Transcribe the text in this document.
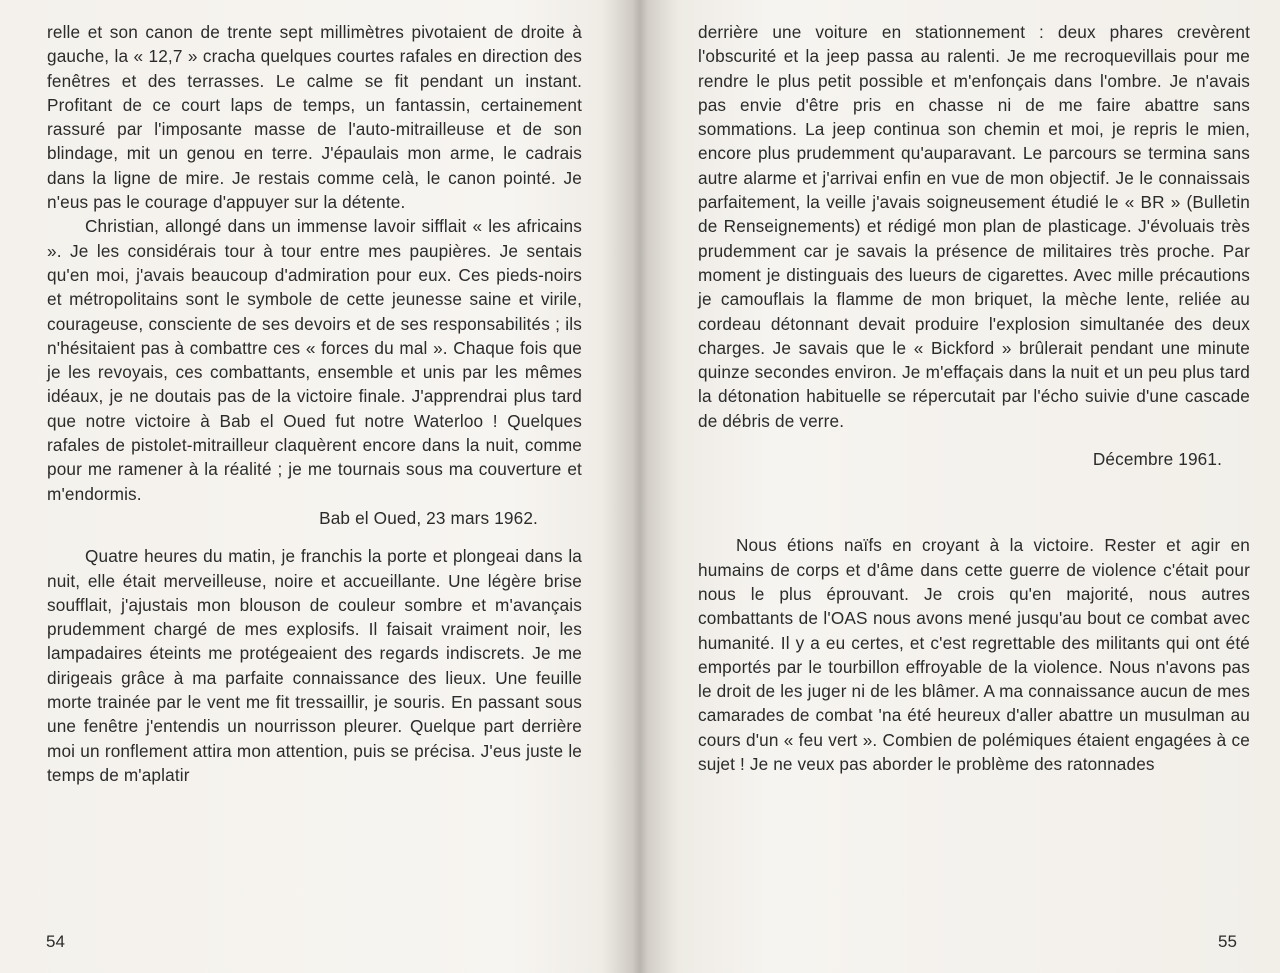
relle et son canon de trente sept millimètres pivotaient de droite à gauche, la « 12,7 » cracha quelques courtes rafales en direction des fenêtres et des terrasses. Le calme se fit pendant un instant. Profitant de ce court laps de temps, un fantassin, certainement rassuré par l'imposante masse de l'auto-mitrailleuse et de son blindage, mit un genou en terre. J'épaulais mon arme, le cadrais dans la ligne de mire. Je restais comme celà, le canon pointé. Je n'eus pas le courage d'appuyer sur la détente.

Christian, allongé dans un immense lavoir sifflait « les africains ». Je les considérais tour à tour entre mes paupières. Je sentais qu'en moi, j'avais beaucoup d'admiration pour eux. Ces pieds-noirs et métropolitains sont le symbole de cette jeunesse saine et virile, courageuse, consciente de ses devoirs et de ses responsabilités ; ils n'hésitaient pas à combattre ces « forces du mal ». Chaque fois que je les revoyais, ces combattants, ensemble et unis par les mêmes idéaux, je ne doutais pas de la victoire finale. J'apprendrai plus tard que notre victoire à Bab el Oued fut notre Waterloo ! Quelques rafales de pistolet-mitrailleur claquèrent encore dans la nuit, comme pour me ramener à la réalité ; je me tournais sous ma couverture et m'endormis.

Bab el Oued, 23 mars 1962.

Quatre heures du matin, je franchis la porte et plongeai dans la nuit, elle était merveilleuse, noire et accueillante. Une légère brise soufflait, j'ajustais mon blouson de couleur sombre et m'avançais prudemment chargé de mes explosifs. Il faisait vraiment noir, les lampadaires éteints me protégeaient des regards indiscrets. Je me dirigeais grâce à ma parfaite connaissance des lieux. Une feuille morte trainée par le vent me fit tressaillir, je souris. En passant sous une fenêtre j'entendis un nourrisson pleurer. Quelque part derrière moi un ronflement attira mon attention, puis se précisa. J'eus juste le temps de m'aplatir

54

derrière une voiture en stationnement : deux phares crevèrent l'obscurité et la jeep passa au ralenti. Je me recroquevillais pour me rendre le plus petit possible et m'enfonçais dans l'ombre. Je n'avais pas envie d'être pris en chasse ni de me faire abattre sans sommations. La jeep continua son chemin et moi, je repris le mien, encore plus prudemment qu'auparavant. Le parcours se termina sans autre alarme et j'arrivai enfin en vue de mon objectif. Je le connaissais parfaitement, la veille j'avais soigneusement étudié le « BR » (Bulletin de Renseignements) et rédigé mon plan de plasticage. J'évoluais très prudemment car je savais la présence de militaires très proche. Par moment je distinguais des lueurs de cigarettes. Avec mille précautions je camouflais la flamme de mon briquet, la mèche lente, reliée au cordeau détonnant devait produire l'explosion simultanée des deux charges. Je savais que le « Bickford » brûlerait pendant une minute quinze secondes environ. Je m'effaçais dans la nuit et un peu plus tard la détonation habituelle se répercutait par l'écho suivie d'une cascade de débris de verre.

Décembre 1961.

Nous étions naïfs en croyant à la victoire. Rester et agir en humains de corps et d'âme dans cette guerre de violence c'était pour nous le plus éprouvant. Je crois qu'en majorité, nous autres combattants de l'OAS nous avons mené jusqu'au bout ce combat avec humanité. Il y a eu certes, et c'est regrettable des militants qui ont été emportés par le tourbillon effroyable de la violence. Nous n'avons pas le droit de les juger ni de les blâmer. A ma connaissance aucun de mes camarades de combat 'na été heureux d'aller abattre un musulman au cours d'un « feu vert ». Combien de polémiques étaient engagées à ce sujet ! Je ne veux pas aborder le problème des ratonnades

55
